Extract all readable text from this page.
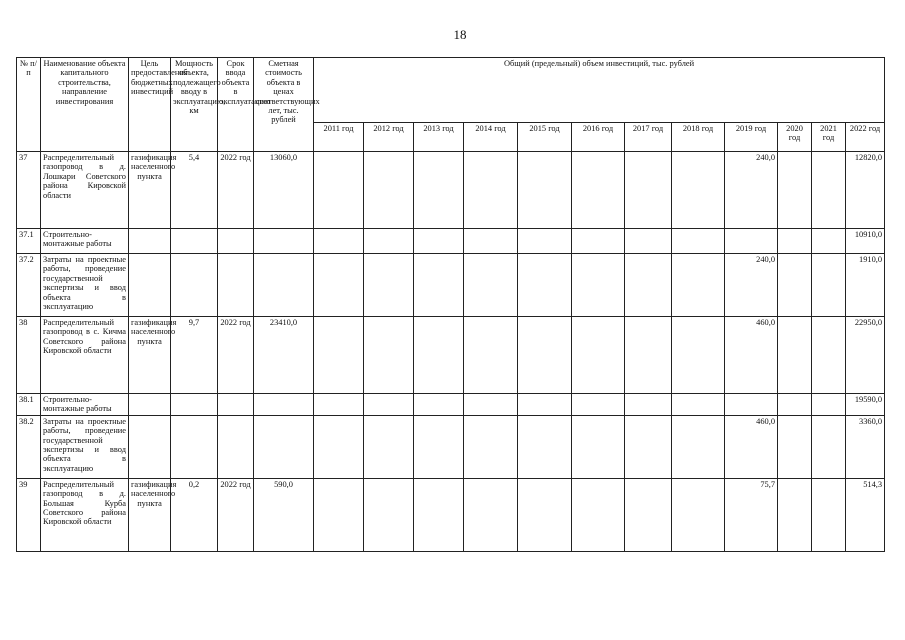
18
№ п/п	Наименование объекта капитального строительства, направление инвестирования	Цель предоставления бюджетных инвестиций	Мощность объекта, подлежащего вводу в эксплуатацию, км	Срок ввода объекта в эксплуатацию	Сметная стоимость объекта в ценах соответствующих лет, тыс. рублей	Общий (предельный) объем инвестиций, тыс. рублей											
						2011 год	2012 год	2013 год	2014 год	2015 год	2016 год	2017 год	2018 год	2019 год	2020 год	2021 год	2022 год
37	Распределительный газопровод в д. Лошкари Советского района Кировской области	газификация населенного пункта	5,4	2022 год	13060,0									240,0			12820,0
37.1	Строительно-монтажные работы																10910,0
37.2	Затраты на проектные работы, проведение государственной экспертизы и ввод объекта в эксплуатацию													240,0			1910,0
38	Распределительный газопровод в с. Кичма Советского района Кировской области	газификация населенного пункта	9,7	2022 год	23410,0									460,0			22950,0
38.1	Строительно-монтажные работы																19590,0
38.2	Затраты на проектные работы, проведение государственной экспертизы и ввод объекта в эксплуатацию													460,0			3360,0
39	Распределительный газопровод в д. Большая Курба Советского района Кировской области	газификация населенного пункта	0,2	2022 год	590,0									75,7			514,3
